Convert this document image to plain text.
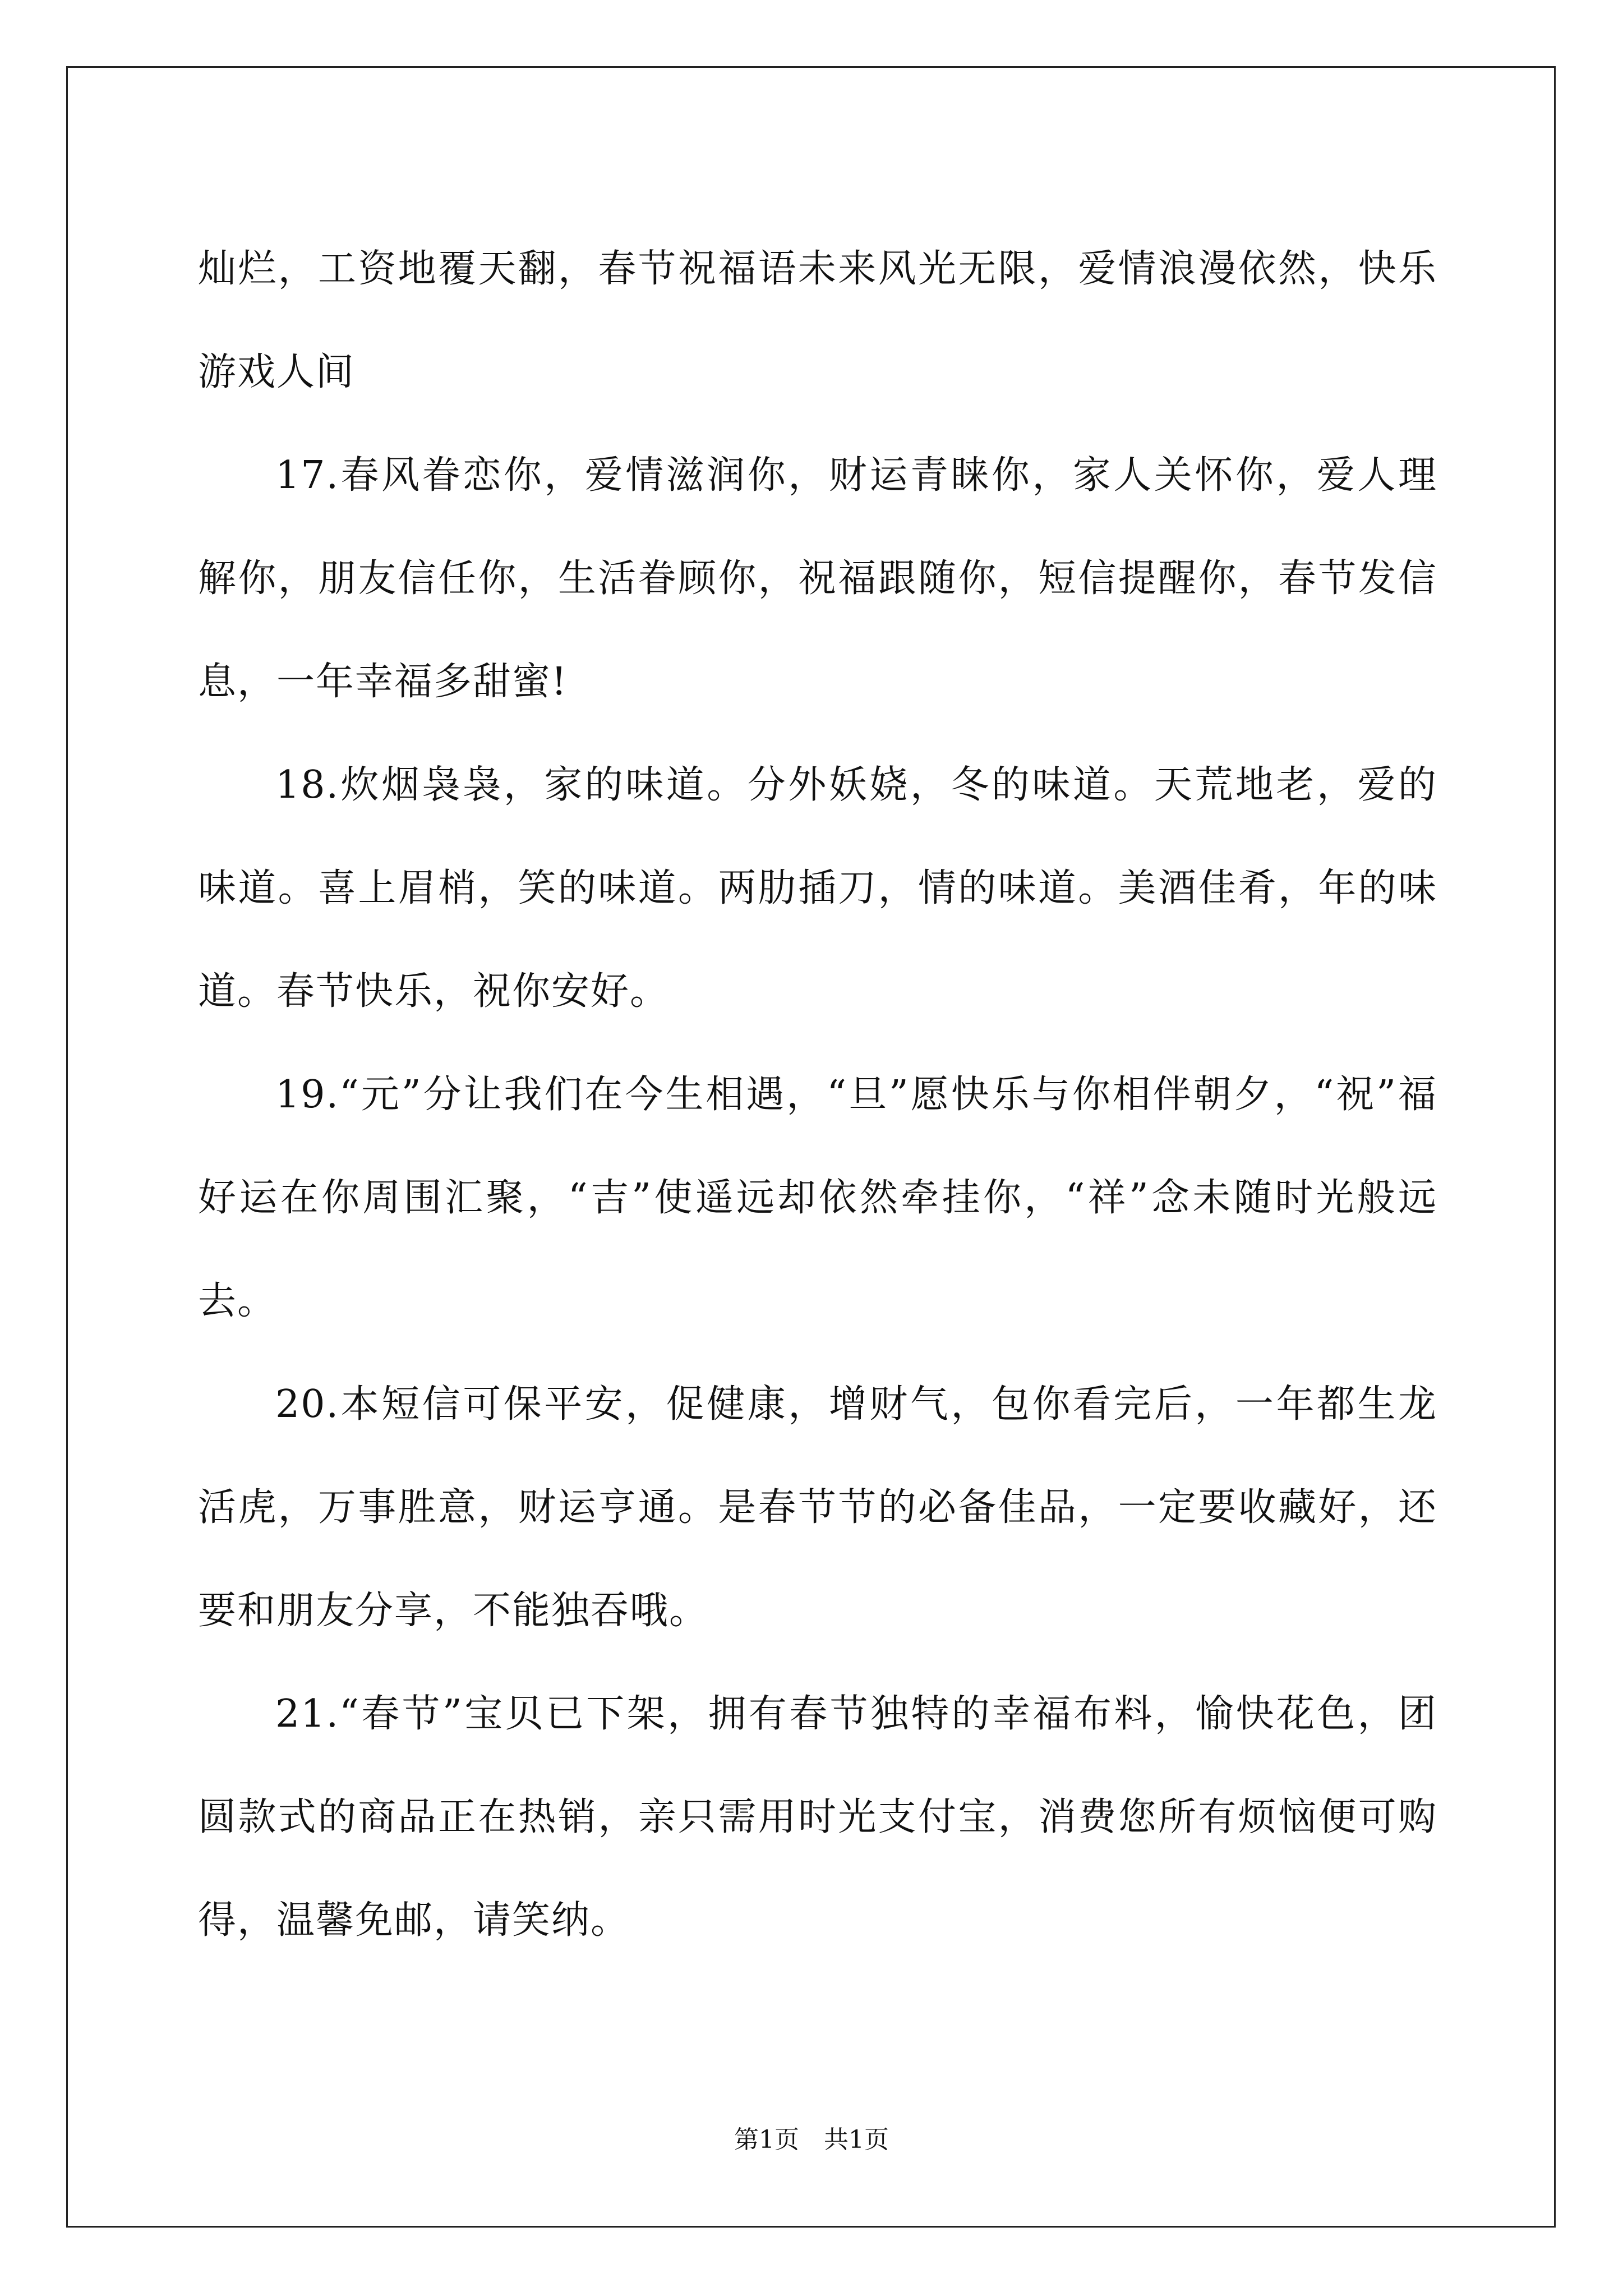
灿烂，工资地覆天翻，春节祝福语未来风光无限，爱情浪漫依然，快乐游戏人间

17.春风眷恋你，爱情滋润你，财运青睐你，家人关怀你，爱人理解你，朋友信任你，生活眷顾你，祝福跟随你，短信提醒你，春节发信息，一年幸福多甜蜜!

18.炊烟袅袅，家的味道。分外妖娆，冬的味道。天荒地老，爱的味道。喜上眉梢，笑的味道。两肋插刀，情的味道。美酒佳肴，年的味道。春节快乐，祝你安好。

19.“元”分让我们在今生相遇，“旦”愿快乐与你相伴朝夕，“祝”福好运在你周围汇聚，“吉”使遥远却依然牵挂你，“祥”念未随时光般远去。

20.本短信可保平安，促健康，增财气，包你看完后，一年都生龙活虎，万事胜意，财运亨通。是春节节的必备佳品，一定要收藏好，还要和朋友分享，不能独吞哦。

21.“春节”宝贝已下架，拥有春节独特的幸福布料，愉快花色，团圆款式的商品正在热销，亲只需用时光支付宝，消费您所有烦恼便可购得，温馨免邮，请笑纳。

第1页　共1页
